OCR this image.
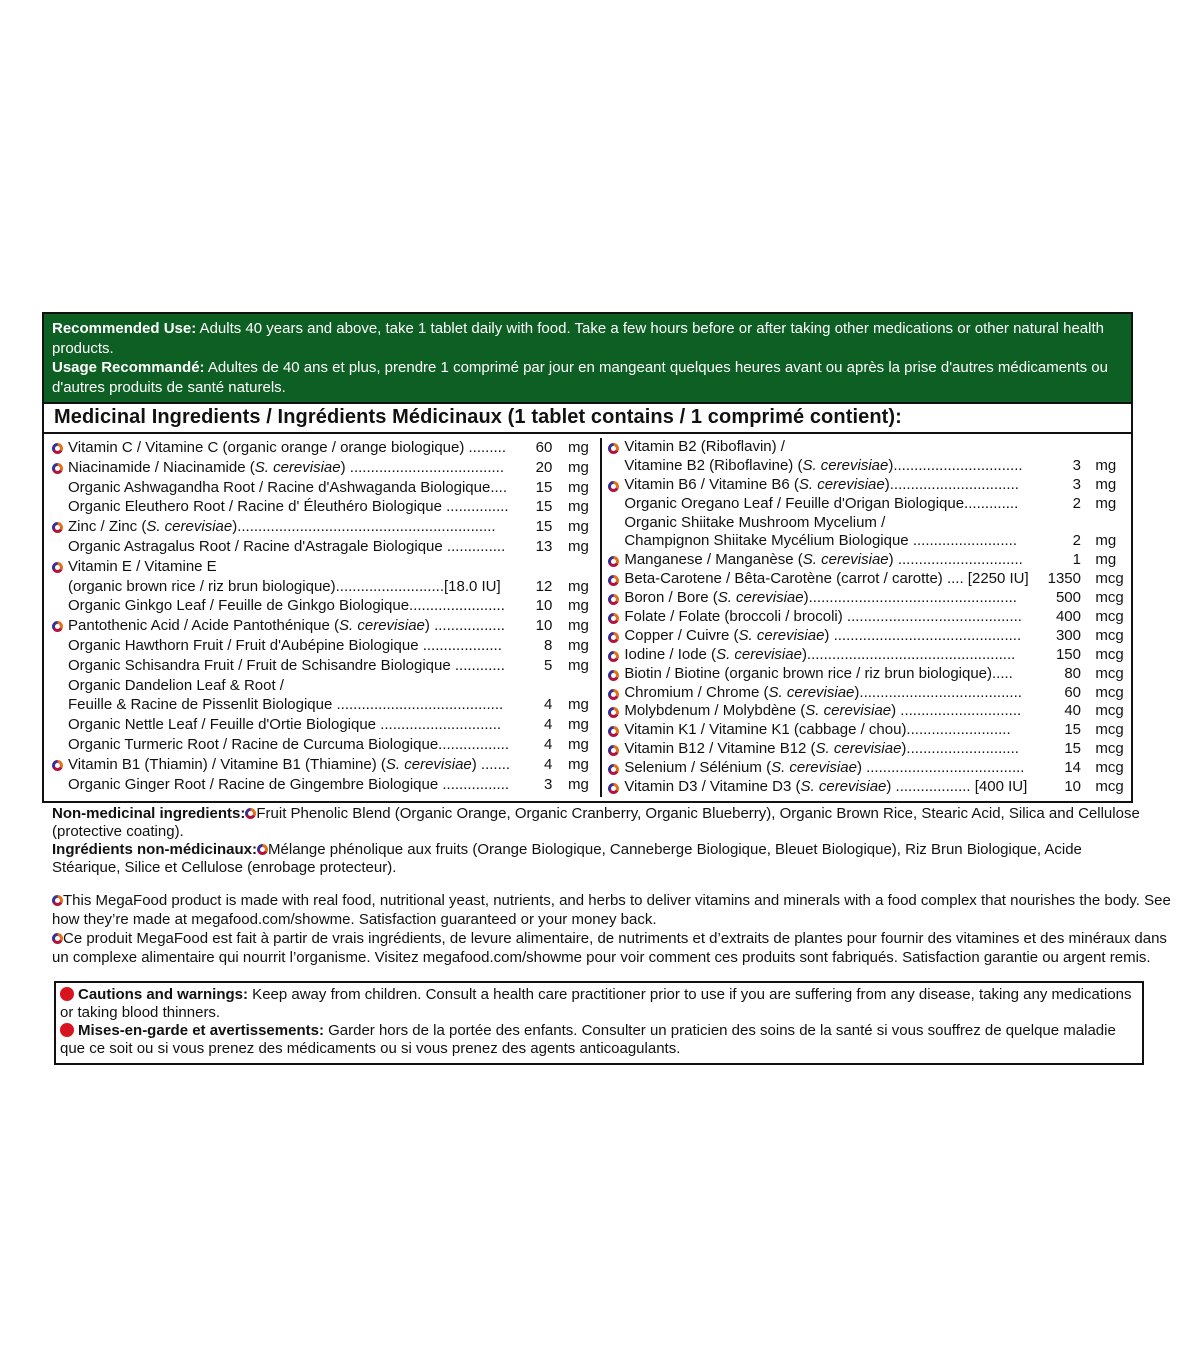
Recommended Use: Adults 40 years and above, take 1 tablet daily with food. Take a few hours before or after taking other medications or other natural health products.

Usage Recommandé: Adultes de 40 ans et plus, prendre 1 comprimé par jour en mangeant quelques heures avant ou après la prise d'autres médicaments ou d'autres produits de santé naturels.

Medicinal Ingredients / Ingrédients Médicinaux (1 tablet contains / 1 comprimé contient):
Vitamin C / Vitamine C (organic orange / orange biologique) .........	60 mg
Niacinamide / Niacinamide (S. cerevisiae) .....................................	20 mg
Organic Ashwagandha Root / Racine d'Ashwaganda Biologique....	15 mg
Organic Eleuthero Root / Racine d' Éleuthéro Biologique ...............	15 mg
Zinc / Zinc (S. cerevisiae)..............................................................	15 mg
Organic Astragalus Root / Racine d'Astragale Biologique ..............	13 mg
Vitamin E / Vitamine E
(organic brown rice / riz brun biologique)..........................[18.0 IU]	12 mg
Organic Ginkgo Leaf / Feuille de Ginkgo Biologique.......................	10 mg
Pantothenic Acid / Acide Pantothénique (S. cerevisiae) .................	10 mg
Organic Hawthorn Fruit / Fruit d'Aubépine Biologique ...................	8 mg
Organic Schisandra Fruit / Fruit de Schisandre Biologique ............	5 mg
Organic Dandelion Leaf & Root /
Feuille & Racine de Pissenlit Biologique ........................................	4 mg
Organic Nettle Leaf / Feuille d'Ortie Biologique .............................	4 mg
Organic Turmeric Root / Racine de Curcuma Biologique.................	4 mg
Vitamin B1 (Thiamin) / Vitamine B1 (Thiamine) (S. cerevisiae) .......	4 mg
Organic Ginger Root / Racine de Gingembre Biologique ................	3 mg
Vitamin B2 (Riboflavin) /
Vitamine B2 (Riboflavine) (S. cerevisiae)...............................	3 mg
Vitamin B6 / Vitamine B6 (S. cerevisiae)...............................	3 mg
Organic Oregano Leaf / Feuille d'Origan Biologique.............	2 mg
Organic Shiitake Mushroom Mycelium /
Champignon Shiitake Mycélium Biologique .........................	2 mg
Manganese / Manganèse (S. cerevisiae) ..............................	1 mg
Beta-Carotene / Bêta-Carotène (carrot / carotte) .... [2250 IU]	1350 mcg
Boron / Bore (S. cerevisiae)..................................................	500 mcg
Folate / Folate (broccoli / brocoli) ..........................................	400 mcg
Copper / Cuivre (S. cerevisiae) .............................................	300 mcg
Iodine / Iode (S. cerevisiae)..................................................	150 mcg
Biotin / Biotine (organic brown rice / riz brun biologique).....	80 mcg
Chromium / Chrome (S. cerevisiae).......................................	60 mcg
Molybdenum / Molybdène (S. cerevisiae) .............................	40 mcg
Vitamin K1 / Vitamine K1 (cabbage / chou).........................	15 mcg
Vitamin B12 / Vitamine B12 (S. cerevisiae)...........................	15 mcg
Selenium / Sélénium (S. cerevisiae) ......................................	14 mcg
Vitamin D3 / Vitamine D3 (S. cerevisiae) .................. [400 IU]	10 mcg

Non-medicinal ingredients: Fruit Phenolic Blend (Organic Orange, Organic Cranberry, Organic Blueberry), Organic Brown Rice, Stearic Acid, Silica and Cellulose (protective coating).

Ingrédients non-médicinaux: Mélange phénolique aux fruits (Orange Biologique, Canneberge Biologique, Bleuet Biologique), Riz Brun Biologique, Acide Stéarique, Silice et Cellulose (enrobage protecteur).

This MegaFood product is made with real food, nutritional yeast, nutrients, and herbs to deliver vitamins and minerals with a food complex that nourishes the body. See how they’re made at megafood.com/showme. Satisfaction guaranteed or your money back.

Ce produit MegaFood est fait à partir de vrais ingrédients, de levure alimentaire, de nutriments et d’extraits de plantes pour fournir des vitamines et des minéraux dans un complexe alimentaire qui nourrit l’organisme. Visitez megafood.com/showme pour voir comment ces produits sont fabriqués. Satisfaction garantie ou argent remis.

Cautions and warnings: Keep away from children. Consult a health care practitioner prior to use if you are suffering from any disease, taking any medications or taking blood thinners.

Mises-en-garde et avertissements: Garder hors de la portée des enfants. Consulter un praticien des soins de la santé si vous souffrez de quelque maladie que ce soit ou si vous prenez des médicaments ou si vous prenez des agents anticoagulants.
